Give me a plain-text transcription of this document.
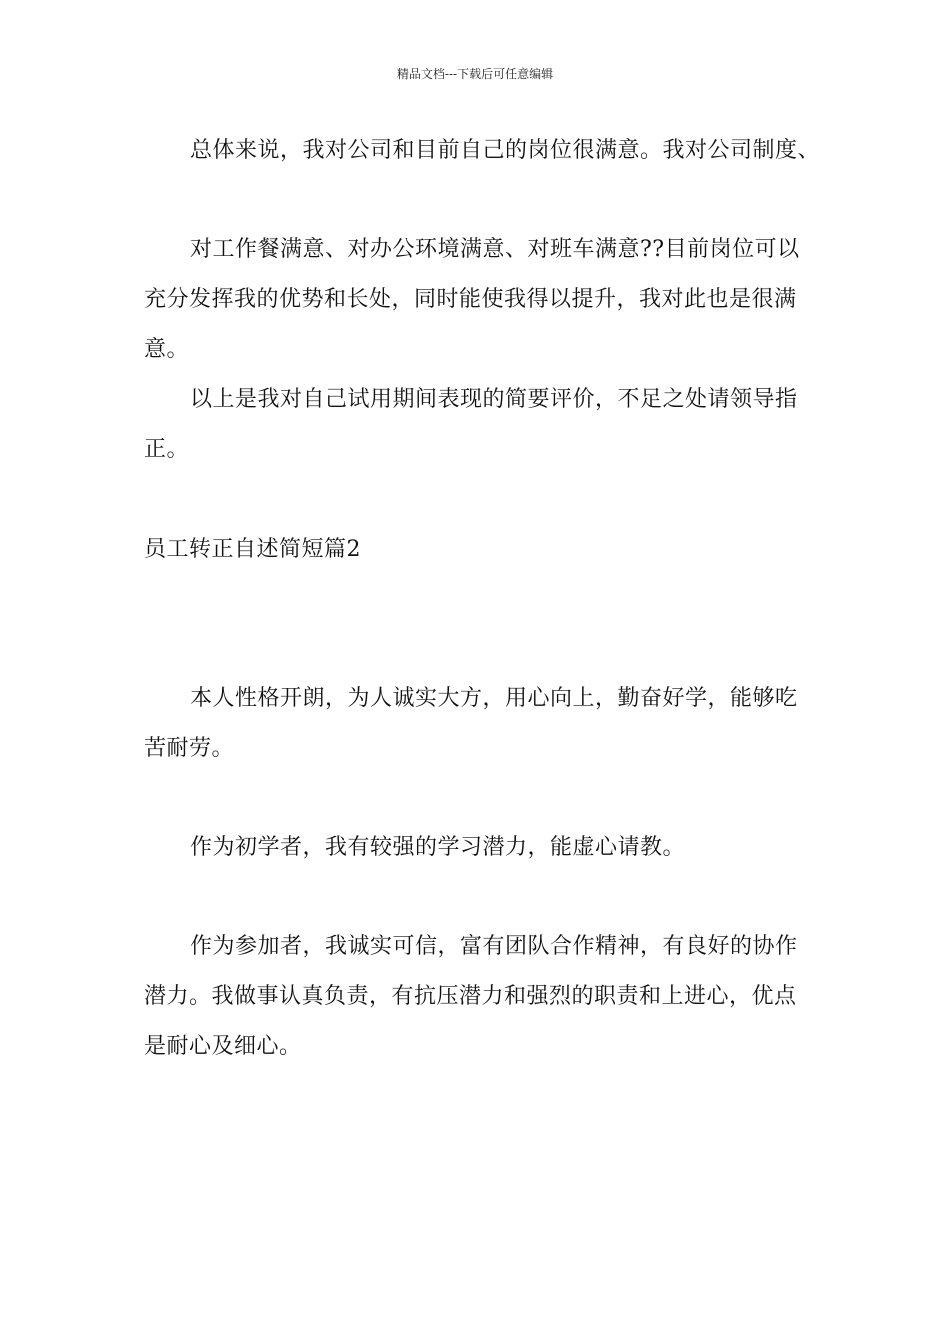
精品文档---下载后可任意编辑
总体来说，我对公司和目前自己的岗位很满意。我对公司制度、
对工作餐满意、对办公环境满意、对班车满意??目前岗位可以
充分发挥我的优势和长处，同时能使我得以提升，我对此也是很满
意。
以上是我对自己试用期间表现的简要评价，不足之处请领导指
正。
员工转正自述简短篇2
本人性格开朗，为人诚实大方，用心向上，勤奋好学，能够吃
苦耐劳。
作为初学者，我有较强的学习潜力，能虚心请教。
作为参加者，我诚实可信，富有团队合作精神，有良好的协作
潜力。我做事认真负责，有抗压潜力和强烈的职责和上进心，优点
是耐心及细心。
